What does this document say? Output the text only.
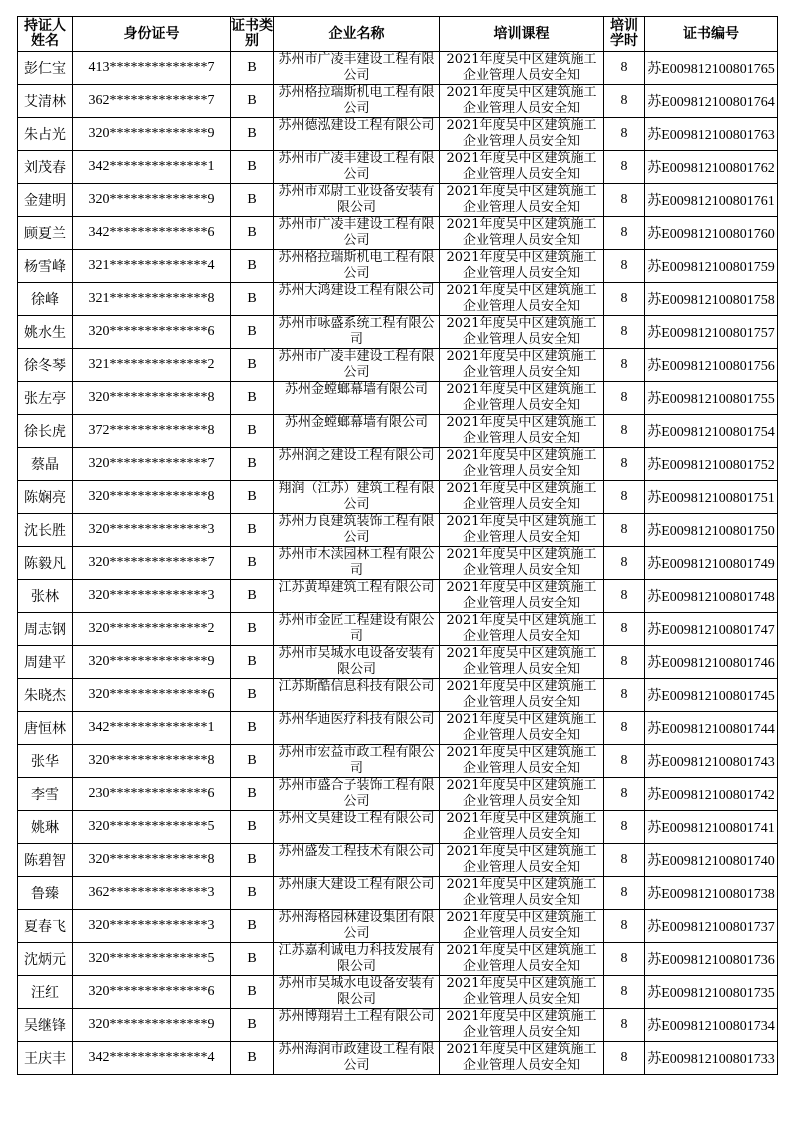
持证人姓名	身份证号	证书类别	企业名称	培训课程	培训学时	证书编号
彭仁宝	413**************7	B	苏州市广凌丰建设工程有限公司	2021年度吴中区建筑施工企业管理人员安全知	8	苏E009812100801765
艾清林	362**************7	B	苏州格拉瑞斯机电工程有限公司	2021年度吴中区建筑施工企业管理人员安全知	8	苏E009812100801764
朱占光	320**************9	B	苏州德泓建设工程有限公司	2021年度吴中区建筑施工企业管理人员安全知	8	苏E009812100801763
刘茂春	342**************1	B	苏州市广凌丰建设工程有限公司	2021年度吴中区建筑施工企业管理人员安全知	8	苏E009812100801762
金建明	320**************9	B	苏州市邓尉工业设备安装有限公司	2021年度吴中区建筑施工企业管理人员安全知	8	苏E009812100801761
顾夏兰	342**************6	B	苏州市广凌丰建设工程有限公司	2021年度吴中区建筑施工企业管理人员安全知	8	苏E009812100801760
杨雪峰	321**************4	B	苏州格拉瑞斯机电工程有限公司	2021年度吴中区建筑施工企业管理人员安全知	8	苏E009812100801759
徐峰	321**************8	B	苏州大鸿建设工程有限公司	2021年度吴中区建筑施工企业管理人员安全知	8	苏E009812100801758
姚水生	320**************6	B	苏州市咏盛系统工程有限公司	2021年度吴中区建筑施工企业管理人员安全知	8	苏E009812100801757
徐冬琴	321**************2	B	苏州市广凌丰建设工程有限公司	2021年度吴中区建筑施工企业管理人员安全知	8	苏E009812100801756
张左亭	320**************8	B	苏州金螳螂幕墙有限公司	2021年度吴中区建筑施工企业管理人员安全知	8	苏E009812100801755
徐长虎	372**************8	B	苏州金螳螂幕墙有限公司	2021年度吴中区建筑施工企业管理人员安全知	8	苏E009812100801754
蔡晶	320**************7	B	苏州润之建设工程有限公司	2021年度吴中区建筑施工企业管理人员安全知	8	苏E009812100801752
陈娴亮	320**************8	B	翔润（江苏）建筑工程有限公司	2021年度吴中区建筑施工企业管理人员安全知	8	苏E009812100801751
沈长胜	320**************3	B	苏州力良建筑装饰工程有限公司	2021年度吴中区建筑施工企业管理人员安全知	8	苏E009812100801750
陈毅凡	320**************7	B	苏州市木渎园林工程有限公司	2021年度吴中区建筑施工企业管理人员安全知	8	苏E009812100801749
张林	320**************3	B	江苏黄埠建筑工程有限公司	2021年度吴中区建筑施工企业管理人员安全知	8	苏E009812100801748
周志钢	320**************2	B	苏州市金匠工程建设有限公司	2021年度吴中区建筑施工企业管理人员安全知	8	苏E009812100801747
周建平	320**************9	B	苏州市吴城水电设备安装有限公司	2021年度吴中区建筑施工企业管理人员安全知	8	苏E009812100801746
朱晓杰	320**************6	B	江苏斯酷信息科技有限公司	2021年度吴中区建筑施工企业管理人员安全知	8	苏E009812100801745
唐恒林	342**************1	B	苏州华迪医疗科技有限公司	2021年度吴中区建筑施工企业管理人员安全知	8	苏E009812100801744
张华	320**************8	B	苏州市宏益市政工程有限公司	2021年度吴中区建筑施工企业管理人员安全知	8	苏E009812100801743
李雪	230**************6	B	苏州市盛合子装饰工程有限公司	2021年度吴中区建筑施工企业管理人员安全知	8	苏E009812100801742
姚琳	320**************5	B	苏州文昊建设工程有限公司	2021年度吴中区建筑施工企业管理人员安全知	8	苏E009812100801741
陈碧智	320**************8	B	苏州盛发工程技术有限公司	2021年度吴中区建筑施工企业管理人员安全知	8	苏E009812100801740
鲁臻	362**************3	B	苏州康大建设工程有限公司	2021年度吴中区建筑施工企业管理人员安全知	8	苏E009812100801738
夏春飞	320**************3	B	苏州海格园林建设集团有限公司	2021年度吴中区建筑施工企业管理人员安全知	8	苏E009812100801737
沈炳元	320**************5	B	江苏嘉利诚电力科技发展有限公司	2021年度吴中区建筑施工企业管理人员安全知	8	苏E009812100801736
汪红	320**************6	B	苏州市吴城水电设备安装有限公司	2021年度吴中区建筑施工企业管理人员安全知	8	苏E009812100801735
吴继锋	320**************9	B	苏州博翔岩土工程有限公司	2021年度吴中区建筑施工企业管理人员安全知	8	苏E009812100801734
王庆丰	342**************4	B	苏州海润市政建设工程有限公司	2021年度吴中区建筑施工企业管理人员安全知	8	苏E009812100801733
